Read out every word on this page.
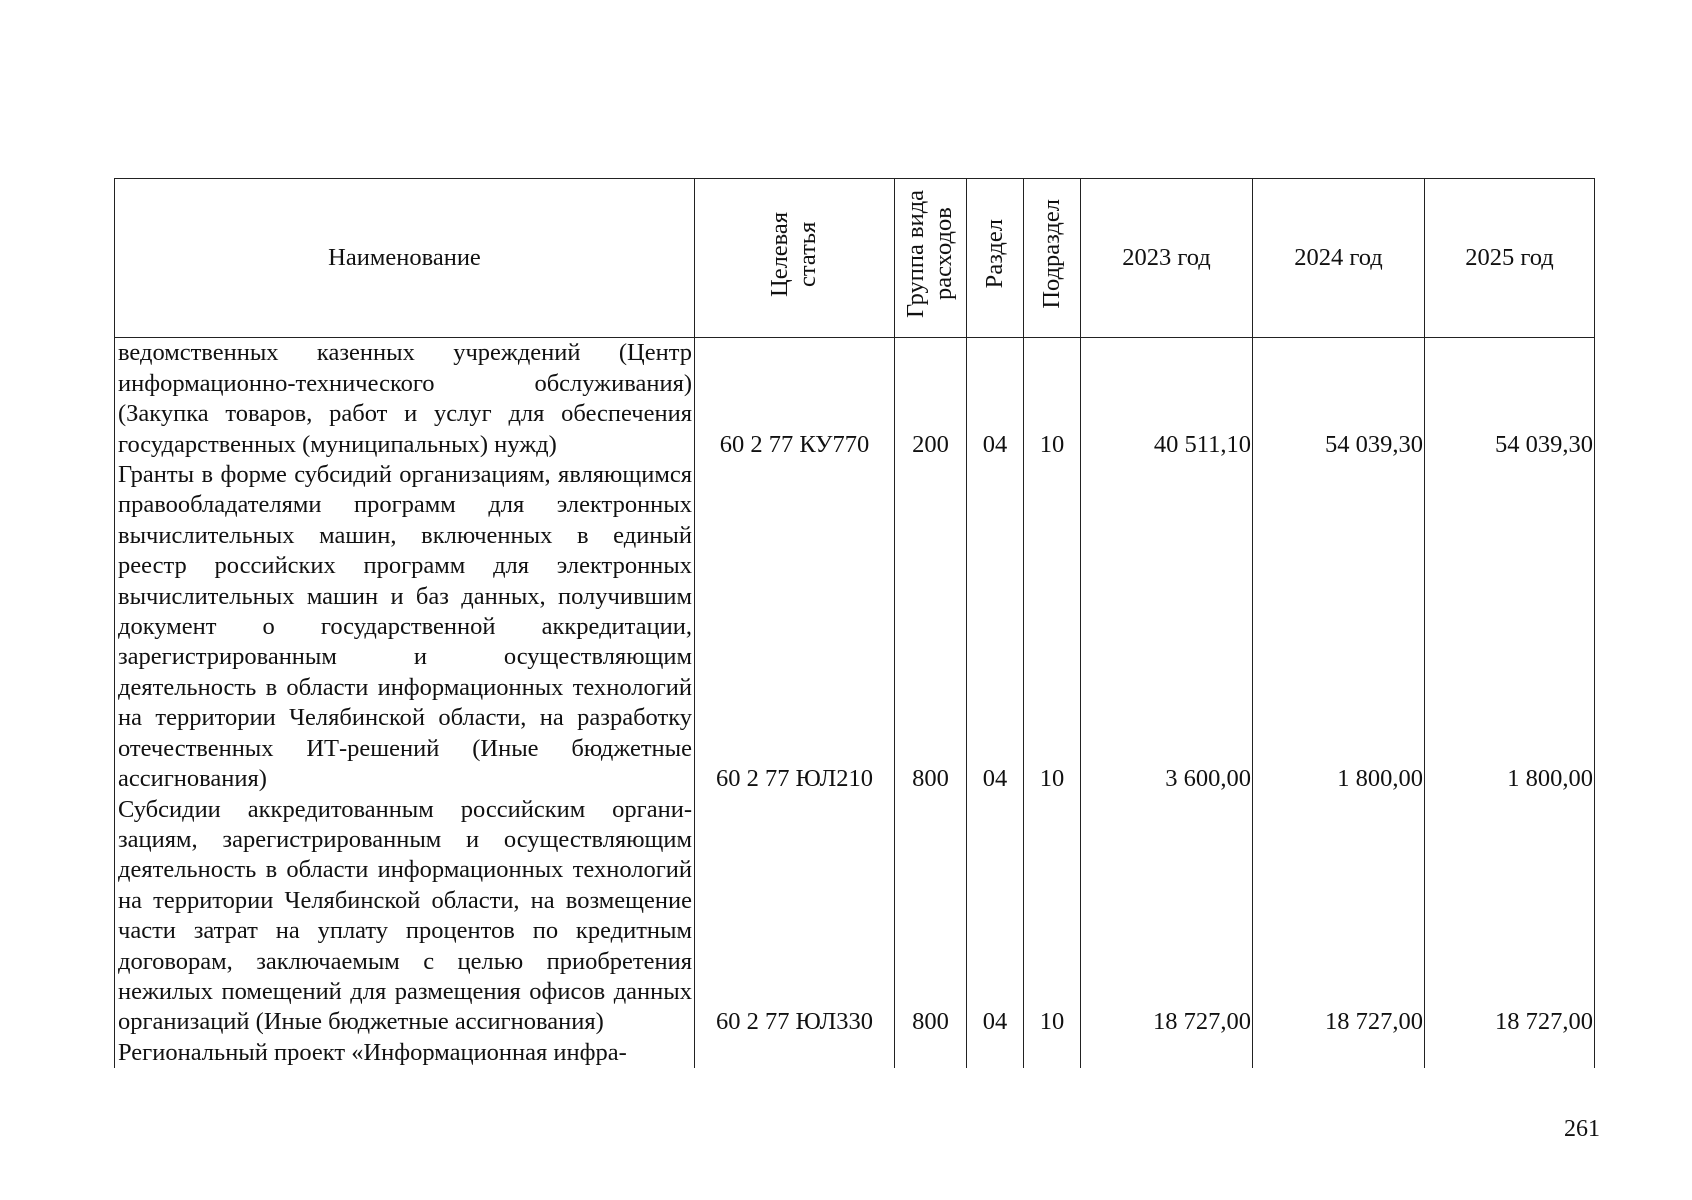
Наименование	Целевая статья	Группа вида расходов	Раздел	Подраздел	2023 год	2024 год	2025 год
ведомственных казенных учреждений (Центр информационно-технического обслуживания) (Закупка товаров, работ и услуг для обеспечения государственных (муниципальных) нужд)	60 2 77 КУ770	200	04	10	40 511,10	54 039,30	54 039,30
Гранты в форме субсидий организациям, являющимся правообладателями программ для электронных вычислительных машин, включенных в единый реестр российских программ для электронных вычислительных машин и баз данных, получившим документ о государственной аккредитации, зарегистрированным и осуществляющим деятельность в области информационных технологий на территории Челябинской области, на разработку отечественных ИТ-решений (Иные бюджетные ассигнования)	60 2 77 ЮЛ210	800	04	10	3 600,00	1 800,00	1 800,00
Субсидии аккредитованным российским организациям, зарегистрированным и осуществляющим деятельность в области информационных технологий на территории Челябинской области, на возмещение части затрат на уплату процентов по кредитным договорам, заключаемым с целью приобретения нежилых помещений для размещения офисов данных организаций (Иные бюджетные ассигнования)	60 2 77 ЮЛ330	800	04	10	18 727,00	18 727,00	18 727,00
Региональный проект «Информационная инфра-							
261
